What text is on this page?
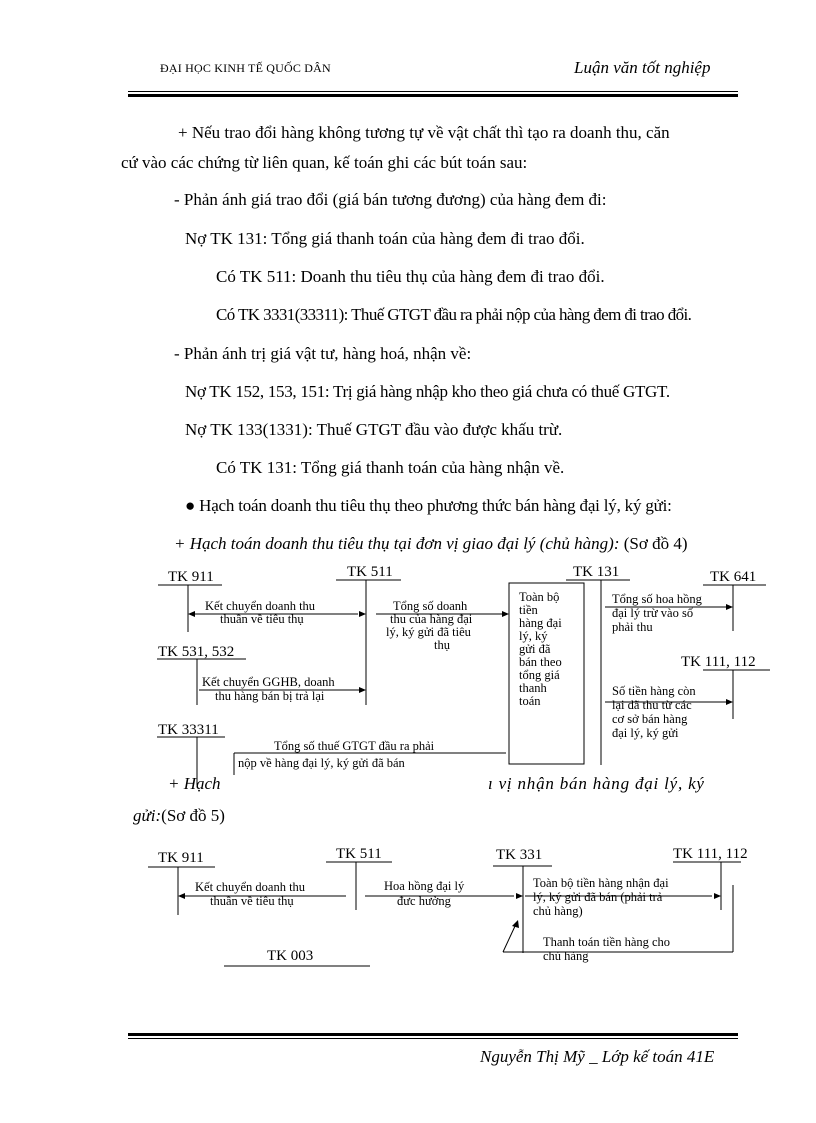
ĐẠI HỌC KINH TẾ QUỐC DÂN	Luận văn tốt nghiệp
+ Nếu trao đổi hàng không tương tự về vật chất thì tạo ra doanh thu, căn
cứ vào các chứng từ liên quan, kế toán ghi các bút toán sau:
- Phản ánh giá trao đổi (giá bán tương đương) của hàng đem đi:
Nợ TK 131: Tổng giá thanh toán của hàng đem đi trao đổi.
Có TK 511: Doanh thu tiêu thụ của hàng đem đi trao đổi.
Có TK 3331(33311): Thuế GTGT đầu ra phải nộp của hàng đem đi trao đổi.
- Phản ánh trị giá vật tư, hàng hoá, nhận về:
Nợ TK 152, 153, 151: Trị giá hàng nhập kho theo giá chưa có thuế GTGT.
Nợ TK 133(1331): Thuế GTGT đầu vào được khấu trừ.
Có TK 131: Tổng giá thanh toán của hàng nhận về.
● Hạch toán doanh thu tiêu thụ theo phương thức bán hàng đại lý, ký gửi:
+ Hạch toán doanh thu tiêu thụ tại đơn vị giao đại lý (chủ hàng): (Sơ đồ 4)
TK 911	TK 511	TK 131	TK 641
TK 531, 532
TK 111, 112
TK 33311
Kết chuyển doanh thu
thuần về tiêu thụ
Tổng số doanh
thu của hàng đại
lý, ký gửi đã tiêu
thụ
Kết chuyển GGHB, doanh
thu hàng bán bị trả lại
Toàn bộ
tiền
hàng đại
lý, ký
gửi đã
bán theo
tổng giá
thanh
toán
Tổng số hoa hồng
đại lý trừ vào số
phải thu
Số tiền hàng còn
lại đã thu từ các
cơ sở bán hàng
đại lý, ký gửi
Tổng số thuế GTGT đầu ra phải
nộp về hàng đại lý, ký gửi đã bán
+ Hạch	ı vị nhận bán hàng đại lý, ký
gửi:(Sơ đồ 5)
TK 911	TK 511	TK 331	TK 111, 112
TK 003
Kết chuyển doanh thu
thuần về tiêu thụ
Hoa hồng đại lý
đưc hưởng
Toàn bộ tiền hàng nhận đại
lý, ký gửi đã bán (phải trả
chủ hàng)
Thanh toán tiền hàng cho
chủ hàng
Nguyễn Thị Mỹ _ Lớp kế toán 41E
